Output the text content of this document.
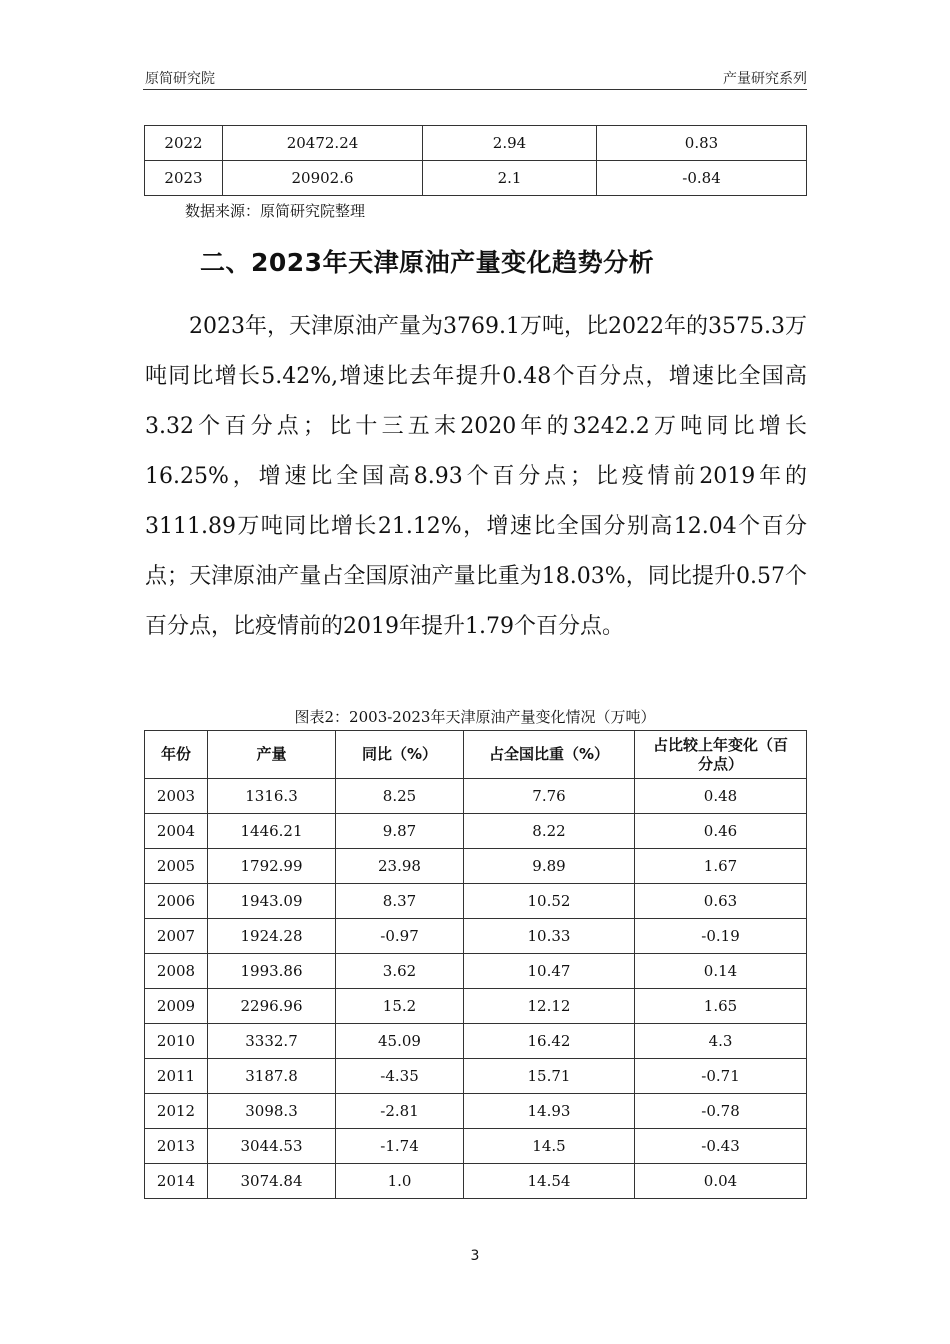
原简研究院	产量研究系列
2022	20472.24	2.94	0.83
2023	20902.6	2.1	-0.84
数据来源：原简研究院整理
二、2023年天津原油产量变化趋势分析
2023年，天津原油产量为3769.1万吨，比2022年的3575.3万吨同比增长5.42%,增速比去年提升0.48个百分点，增速比全国高3.32个百分点；比十三五末2020年的3242.2万吨同比增长16.25%，增速比全国高8.93个百分点；比疫情前2019年的3111.89万吨同比增长21.12%，增速比全国分别高12.04个百分点；天津原油产量占全国原油产量比重为18.03%，同比提升0.57个百分点，比疫情前的2019年提升1.79个百分点。
图表2：2003-2023年天津原油产量变化情况（万吨）
年份	产量	同比（%）	占全国比重（%）	占比较上年变化（百分点）
2003	1316.3	8.25	7.76	0.48
2004	1446.21	9.87	8.22	0.46
2005	1792.99	23.98	9.89	1.67
2006	1943.09	8.37	10.52	0.63
2007	1924.28	-0.97	10.33	-0.19
2008	1993.86	3.62	10.47	0.14
2009	2296.96	15.2	12.12	1.65
2010	3332.7	45.09	16.42	4.3
2011	3187.8	-4.35	15.71	-0.71
2012	3098.3	-2.81	14.93	-0.78
2013	3044.53	-1.74	14.5	-0.43
2014	3074.84	1.0	14.54	0.04
3
